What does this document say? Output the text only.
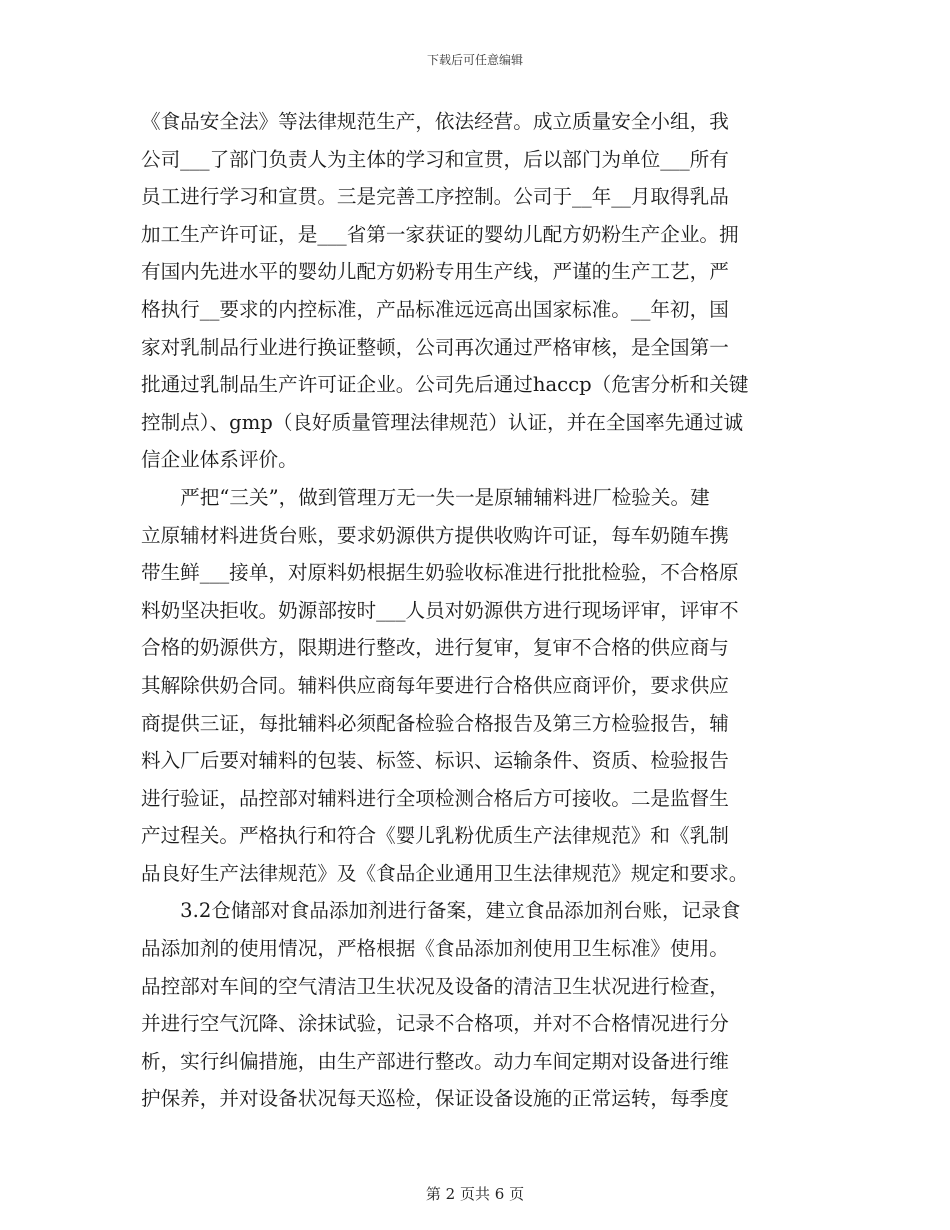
下载后可任意编辑
《食品安全法》等法律规范生产，依法经营。成立质量安全小组，我
公司___了部门负责人为主体的学习和宣贯，后以部门为单位___所有
员工进行学习和宣贯。三是完善工序控制。公司于__年__月取得乳品
加工生产许可证，是___省第一家获证的婴幼儿配方奶粉生产企业。拥
有国内先进水平的婴幼儿配方奶粉专用生产线，严谨的生产工艺，严
格执行__要求的内控标准，产品标准远远高出国家标准。__年初，国
家对乳制品行业进行换证整顿，公司再次通过严格审核，是全国第一
批通过乳制品生产许可证企业。公司先后通过haccp（危害分析和关键
控制点）、gmp（良好质量管理法律规范）认证，并在全国率先通过诚
信企业体系评价。
　　严把“三关”，做到管理万无一失一是原辅辅料进厂检验关。建
立原辅材料进货台账，要求奶源供方提供收购许可证，每车奶随车携
带生鲜___接单，对原料奶根据生奶验收标准进行批批检验，不合格原
料奶坚决拒收。奶源部按时___人员对奶源供方进行现场评审，评审不
合格的奶源供方，限期进行整改，进行复审，复审不合格的供应商与
其解除供奶合同。辅料供应商每年要进行合格供应商评价，要求供应
商提供三证，每批辅料必须配备检验合格报告及第三方检验报告，辅
料入厂后要对辅料的包装、标签、标识、运输条件、资质、检验报告
进行验证，品控部对辅料进行全项检测合格后方可接收。二是监督生
产过程关。严格执行和符合《婴儿乳粉优质生产法律规范》和《乳制
品良好生产法律规范》及《食品企业通用卫生法律规范》规定和要求。
　　3.2仓储部对食品添加剂进行备案，建立食品添加剂台账，记录食
品添加剂的使用情况，严格根据《食品添加剂使用卫生标准》使用。
品控部对车间的空气清洁卫生状况及设备的清洁卫生状况进行检查，
并进行空气沉降、涂抹试验，记录不合格项，并对不合格情况进行分
析，实行纠偏措施，由生产部进行整改。动力车间定期对设备进行维
护保养，并对设备状况每天巡检，保证设备设施的正常运转，每季度
第 2 页共 6 页
